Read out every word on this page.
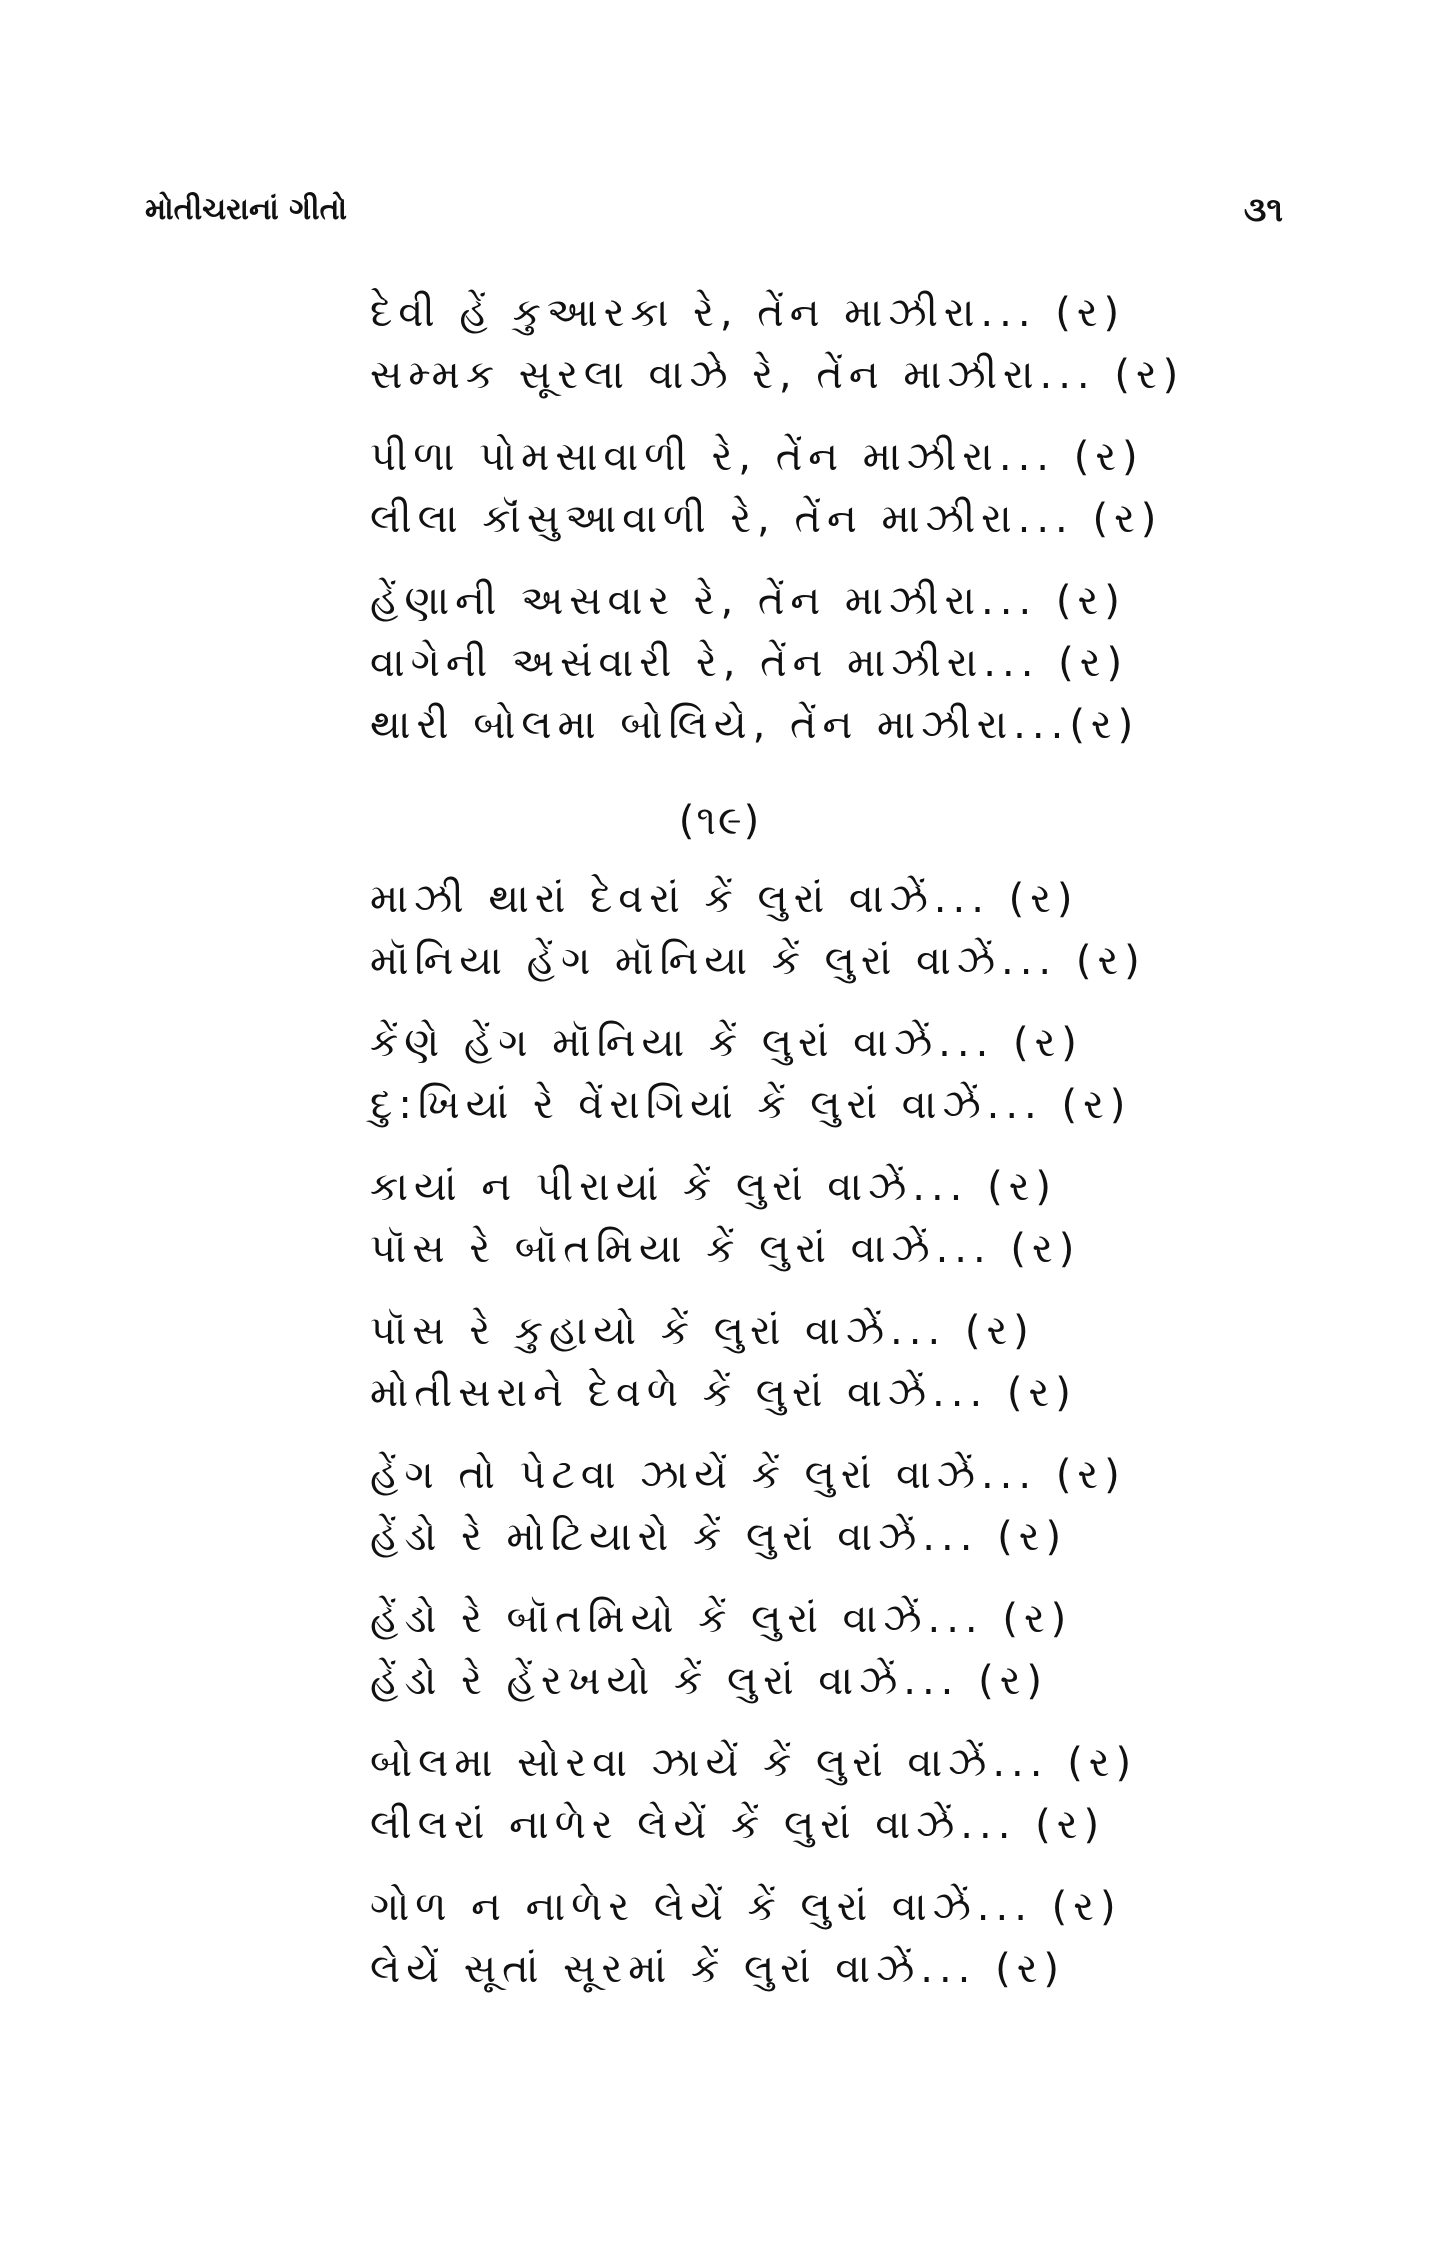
મોતીચરાનાં ગીતો	૩૧
દેવી હેં કુઆરકા રે, તેંન માઝીરા... (ર)
સમ્મક સૂરલા વાઝે રે, તેંન માઝીરા... (ર)
પીળા પોમસાવાળી રે, તેંન માઝીરા... (ર)
લીલા કૉંસુઆવાળી રે, તેંન માઝીરા... (ર)
હેંણાની અસવાર રે, તેંન માઝીરા... (ર)
વાગેની અસંવારી રે, તેંન માઝીરા... (ર)
થારી બોલમા બોલિયે, તેંન માઝીરા...(ર)
(૧૯)
માઝી થારાં દેવરાં કેં લુરાં વાઝેં... (ર)
મૉનિયા હેંગ મૉનિયા કેં લુરાં વાઝેં... (ર)
કેંણે હેંગ મૉનિયા કેં લુરાં વાઝેં... (ર)
દુ:ખિયાં રે વેંરાગિયાં કેં લુરાં વાઝેં... (ર)
કાયાં ન પીરાયાં કેં લુરાં વાઝેં... (ર)
પૉસ રે બૉતમિયા કેં લુરાં વાઝેં... (ર)
પૉસ રે કુહાયો કેં લુરાં વાઝેં... (ર)
મોતીસરાને દેવળે કેં લુરાં વાઝેં... (ર)
હેંગ તો પેટવા ઝાયેં કેં લુરાં વાઝેં... (ર)
હેંડો રે મોટિયારો કેં લુરાં વાઝેં... (ર)
હેંડો રે બૉતમિયો કેં લુરાં વાઝેં... (ર)
હેંડો રે હેંરખયો કેં લુરાં વાઝેં... (ર)
બોલમા સોરવા ઝાયેં કેં લુરાં વાઝેં... (ર)
લીલરાં નાળેર લેયેં કેં લુરાં વાઝેં... (ર)
ગોળ ન નાળેર લેયેં કેં લુરાં વાઝેં... (ર)
લેયેં સૂતાં સૂરમાં કેં લુરાં વાઝેં... (ર)
